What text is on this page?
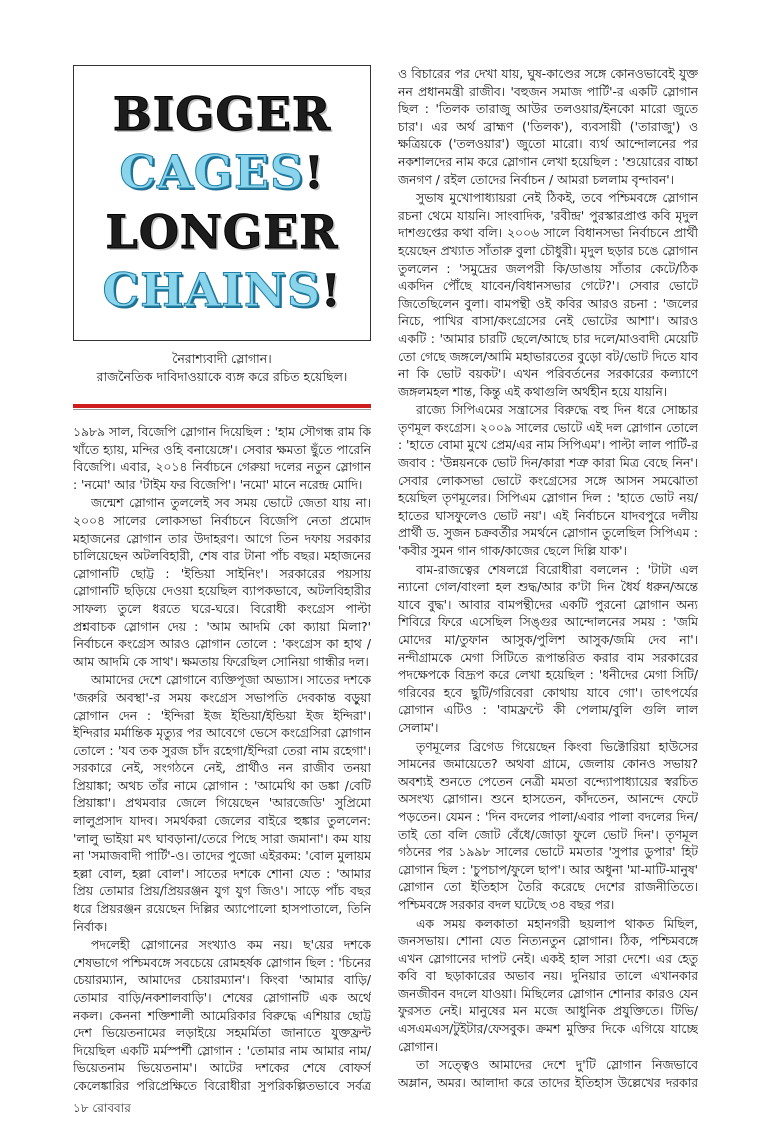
BIGGER
CAGES!
LONGER
CHAINS!
নৈরাশ্যবাদী স্লোগান।
রাজনৈতিক দাবিদাওয়াকে ব্যঙ্গ করে রচিত হয়েছিল।

১৯৮৯ সাল, বিজেপি স্লোগান দিয়েছিল : 'হাম সৌগন্ধ রাম কি খাঁতে হ্যায়, মন্দির ওহি বনায়েঙ্গে'। সেবার ক্ষমতা ছুঁতে পারেনি বিজেপি। এবার, ২০১৪ নির্বাচনে গেরুয়া দলের নতুন স্লোগান : 'নমো' আর 'টাইম ফর বিজেপি'। 'নমো' মানে নরেন্দ্র মোদি।

জন্মেশ স্লোগান তুললেই সব সময় ভোটে জেতা যায় না। ২০০৪ সালের লোকসভা নির্বাচনে বিজেপি নেতা প্রমোদ মহাজনের স্লোগান তার উদাহরণ। আগে তিন দফায় সরকার চালিয়েছেন অটলবিহারী, শেষ বার টানা পাঁচ বছর। মহাজনের স্লোগানটি ছোট্ট : 'ইন্ডিয়া সাইনিং'। সরকারের পয়সায় স্লোগানটি ছড়িয়ে দেওয়া হয়েছিল ব্যাপকভাবে, অটলবিহারীর সাফল্য তুলে ধরতে ঘরে-ঘরে। বিরোধী কংগ্রেস পাল্টা প্রশ্নবাচক স্লোগান দেয় : 'আম আদমি কো ক্যায়া মিলা?' নির্বাচনে কংগ্রেস আরও স্লোগান তোলে : 'কংগ্রেস কা হাথ / আম আদমি কে সাথ'। ক্ষমতায় ফিরেছিল সোনিয়া গান্ধীর দল।

আমাদের দেশে স্লোগানে ব্যক্তিপূজা অভ্যাস। সাতের দশকে 'জরুরি অবস্থা'-র সময় কংগ্রেস সভাপতি দেবকান্ত বড়ুয়া স্লোগান দেন : 'ইন্দিরা ইজ ইন্ডিয়া/ইন্ডিয়া ইজ ইন্দিরা'। ইন্দিরার মর্মান্তিক মৃত্যুর পর আবেগে ভেসে কংগ্রেসিরা স্লোগান তোলে : 'যব তক সুরজ চাঁদ রহেগা/ইন্দিরা তেরা নাম রহেগা'। সরকারে নেই, সংগঠনে নেই, প্রার্থীও নন রাজীব তনয়া প্রিয়াঙ্কা; অথচ তাঁর নামে স্লোগান : 'আমেথি কা ডঙ্কা /বেটি প্রিয়াঙ্কা'। প্রথমবার জেলে গিয়েছেন 'আরজেডি' সুপ্রিমো লালুপ্রসাদ যাদব। সমর্থকরা জেলের বাইরে হুঙ্কার তুললেন: 'লালু ভাইয়া মৎ ঘাবড়ানা/তেরে পিছে সারা জমানা'। কম যায় না 'সমাজবাদী পার্টি'-ও। তাদের পুজো এইরকম: 'বোল মুলায়ম হল্লা বোল, হল্লা বোল'। সাতের দশকে শোনা যেত : 'আমার প্রিয় তোমার প্রিয়/প্রিয়রঞ্জন যুগ যুগ জিও'। সাড়ে পাঁচ বছর ধরে প্রিয়রঞ্জন রয়েছেন দিল্লির অ্যাপোলো হাসপাতালে, তিনি নির্বাক।

পদলেহী স্লোগানের সংখ্যাও কম নয়। ছ'য়ের দশকে শেষভাগে পশ্চিমবঙ্গে সবচেয়ে রোমহর্ষক স্লোগান ছিল : 'চিনের চেয়ারম্যান, আমাদের চেয়ারম্যান'। কিংবা 'আমার বাড়ি/তোমার বাড়ি/নকশালবাড়ি'। শেষের স্লোগানটি এক অর্থে নকল। কেননা শক্তিশালী আমেরিকার বিরুদ্ধে এশিয়ার ছোট্ট দেশ ভিয়েতনামের লড়াইয়ে সহমর্মিতা জানাতে যুক্তফ্রন্ট দিয়েছিল একটি মর্মস্পর্শী স্লোগান : 'তোমার নাম আমার নাম/ভিয়েতনাম ভিয়েতনাম'। আটের দশকের শেষে বোফর্স কেলেঙ্কারির পরিপ্রেক্ষিতে বিরোধীরা সুপরিকল্পিতভাবে সর্বত্র

ও বিচারের পর দেখা যায়, ঘুষ-কাণ্ডের সঙ্গে কোনওভাবেই যুক্ত নন প্রধানমন্ত্রী রাজীব। 'বহুজন সমাজ পার্টি'-র একটি স্লোগান ছিল : 'তিলক তারাজু আউর তলওয়ার/ইনকো মারো জুতে চার'। এর অর্থ ব্রাহ্মণ ('তিলক'), ব্যবসায়ী ('তারাজু') ও ক্ষত্রিয়কে ('তলওয়ার') জুতো মারো। ব্যর্থ আন্দোলনের পর নকশালদের নাম করে স্লোগান লেখা হয়েছিল : 'শুয়োরের বাচ্চা জনগণ / রইল তোদের নির্বাচন / আমরা চললাম বৃন্দাবন'।

সুভাষ মুখোপাধ্যায়রা নেই ঠিকই, তবে পশ্চিমবঙ্গে স্লোগান রচনা থেমে যায়নি। সাংবাদিক, 'রবীন্দ্র' পুরস্কারপ্রাপ্ত কবি মৃদুল দাশগুপ্তের কথা বলি। ২০০৬ সালে বিধানসভা নির্বাচনে প্রার্থী হয়েছেন প্রখ্যাত সাঁতারু বুলা চৌধুরী। মৃদুল ছড়ার চঙে স্লোগান তুললেন : 'সমুদ্রের জলপরী কি/ডাঙায় সাঁতার কেটে/ঠিক একদিন পৌঁছে যাবেন/বিধানসভার গেটে?'। সেবার ভোটে জিতেছিলেন বুলা। বামপন্থী ওই কবির আরও রচনা : 'জলের নিচে, পাখির বাসা/কংগ্রেসের নেই ভোটের আশা'। আরও একটি : 'আমার চারটি ছেলে/আছে চার দলে/মাওবাদী মেয়েটি তো গেছে জঙ্গলে/আমি মহাভারতের বুড়ো বট/ভোট দিতে যাব না কি ভোট বয়কট'। এখন পরিবর্তনের সরকারের কল্যাণে জঙ্গলমহল শান্ত, কিন্তু এই কথাগুলি অর্থহীন হয়ে যায়নি।

রাজ্যে সিপিএমের সন্ত্রাসের বিরুদ্ধে বহু দিন ধরে সোচ্চার তৃণমূল কংগ্রেস। ২০০৯ সালের ভোটে এই দল স্লোগান তোলে : 'হাতে বোমা মুখে প্রেম/এর নাম সিপিএম'। পাল্টা লাল পার্টি-র জবাব : 'উন্নয়নকে ভোট দিন/কারা শত্রু কারা মিত্র বেছে নিন'। সেবার লোকসভা ভোটে কংগ্রেসের সঙ্গে আসন সমঝোতা হয়েছিল তৃণমূলের। সিপিএম স্লোগান দিল : 'হাতে ভোট নয়/হাতের ঘাসফুলেও ভোট নয়'। এই নির্বাচনে যাদবপুরে দলীয় প্রার্থী ড. সুজন চক্রবর্তীর সমর্থনে স্লোগান তুলেছিল সিপিএম : 'কবীর সুমন গান গাক/কাজের ছেলে দিল্লি যাক'।

বাম-রাজত্বের শেষলগ্নে বিরোধীরা বললেন : 'টাটা এল ন্যানো গেল/বাংলা হল শুদ্ধ/আর ক'টা দিন ধৈর্য ধরুন/অন্তে যাবে বুদ্ধ'। আবার বামপন্থীদের একটি পুরনো স্লোগান অন্য শিবিরে ফিরে এসেছিল সিঙ্গুর আন্দোলনের সময় : 'জমি মোদের মা/তুফান আসুক/পুলিশ আসুক/জমি দেব না'। নন্দীগ্রামকে মেগা সিটিতে রূপান্তরিত করার বাম সরকারের পদক্ষেপকে বিদ্রূপ করে লেখা হয়েছিল : 'ধনীদের মেগা সিটি/গরিবের হবে ছুটি/গরিবেরা কোথায় যাবে গো'। তাৎপর্যের স্লোগান এটিও : 'বামফ্রন্টে কী পেলাম/বুলি গুলি লাল সেলাম'।

তৃণমূলের ব্রিগেড গিয়েছেন কিংবা ভিক্টোরিয়া হাউসের সামনের জমায়েতে? অথবা গ্রামে, জেলায় কোনও সভায়? অবশ্যই শুনতে পেতেন নেত্রী মমতা বন্দ্যোপাধ্যায়ের স্বরচিত অসংখ্য স্লোগান। শুনে হাসতেন, কাঁদতেন, আনন্দে ফেটে পড়তেন। যেমন : 'দিন বদলের পালা/এবার পালা বদলের দিন/তাই তো বলি জোট বেঁধে/জোড়া ফুলে ভোট দিন'। তৃণমূল গঠনের পর ১৯৯৮ সালের ভোটে মমতার 'সুপার ডুপার' হিট স্লোগান ছিল : 'চুপচাপ/ফুলে ছাপ'। আর অধুনা 'মা-মাটি-মানুষ' স্লোগান তো ইতিহাস তৈরি করেছে দেশের রাজনীতিতে। পশ্চিমবঙ্গে সরকার বদল ঘটেছে ৩৪ বছর পর।

এক সময় কলকাতা মহানগরী ছয়লাপ থাকত মিছিল, জনসভায়। শোনা যেত নিত্যনতুন স্লোগান। ঠিক, পশ্চিমবঙ্গে এখন স্লোগানের দাপট নেই। একই হাল সারা দেশে। এর হেতু কবি বা ছড়াকারের অভাব নয়। দুনিয়ার তালে এখানকার জনজীবন বদলে যাওয়া। মিছিলের স্লোগান শোনার কারও যেন ফুরসত নেই। মানুষের মন মজে আধুনিক প্রযুক্তিতে। টিভি/এসএমএস/টুইটার/ফেসবুক। ক্রমশ মুক্তির দিকে এগিয়ে যাচ্ছে স্লোগান।

তা সত্ত্বেও আমাদের দেশে দু'টি স্লোগান নিজভাবে অম্লান, অমর। আলাদা করে তাদের ইতিহাস উল্লেখের দরকার

১৮ রোববার
